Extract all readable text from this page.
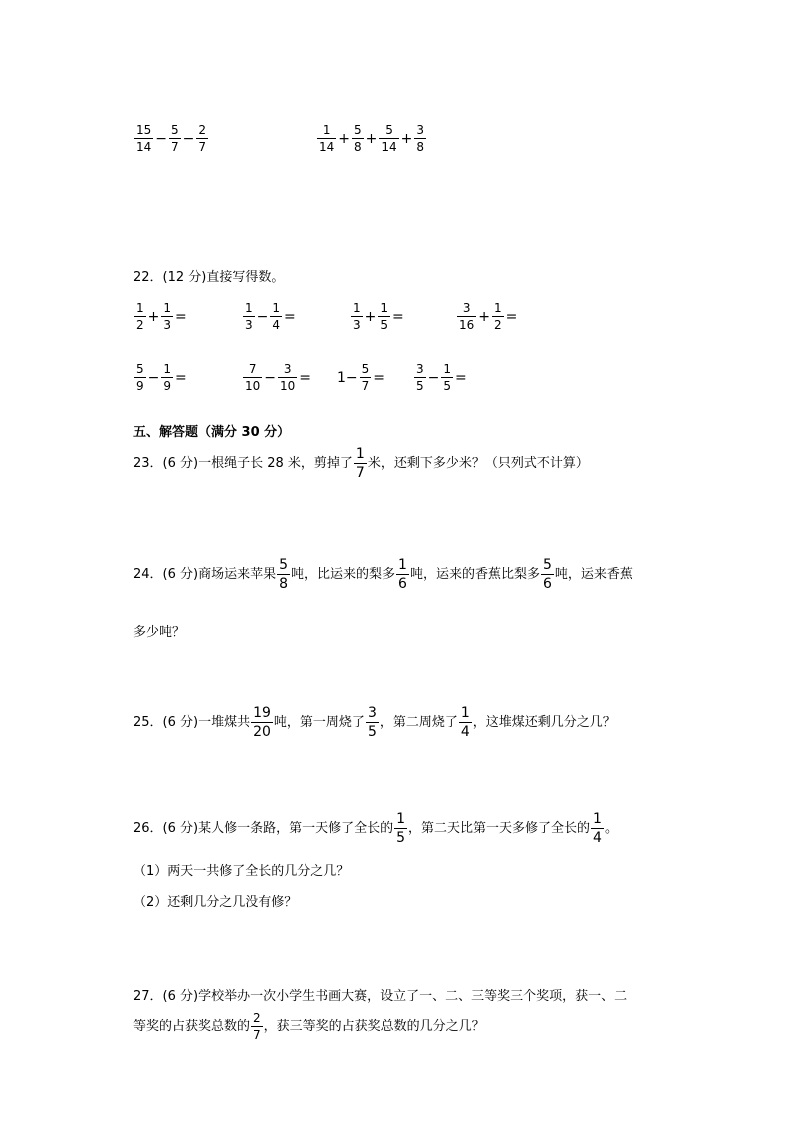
$\frac{15}{14} - \frac{5}{7} - \frac{2}{7}$	$\frac{1}{14} + \frac{5}{8} + \frac{5}{14} + \frac{3}{8}$
22．(12 分)直接写得数。
$\frac{1}{2} + \frac{1}{3}$ =	$\frac{1}{3} - \frac{1}{4}$ =	$\frac{1}{3} + \frac{1}{5}$ =	$\frac{3}{16} + \frac{1}{2}$ =
$\frac{5}{9} - \frac{1}{9}$ =	$\frac{7}{10} - \frac{3}{10} = 1- \frac{5}{7} = \frac{3}{5} - \frac{1}{5}$ =
五、解答题（满分 30 分）
23．(6 分)一根绳子长 28 米，剪掉了 $\frac{1}{7}$ 米，还剩下多少米？（只列式不计算）
24．(6 分)商场运来苹果 $\frac{5}{8}$ 吨，比运来的梨多 $\frac{1}{6}$ 吨，运来的香蕉比梨多 $\frac{5}{6}$ 吨，运来香蕉
多少吨？
25．(6 分)一堆煤共 $\frac{19}{20}$ 吨，第一周烧了 $\frac{3}{5}$ ，第二周烧了 $\frac{1}{4}$ ，这堆煤还剩几分之几？
26．(6 分)某人修一条路，第一天修了全长的 $\frac{1}{5}$ ，第二天比第一天多修了全长的 $\frac{1}{4}$ 。
（1）两天一共修了全长的几分之几？
（2）还剩几分之几没有修？
27．(6 分)学校举办一次小学生书画大赛，设立了一、二、三等奖三个奖项，获一、二
等奖的占获奖总数的 $\frac{2}{7}$ ，获三等奖的占获奖总数的几分之几？
